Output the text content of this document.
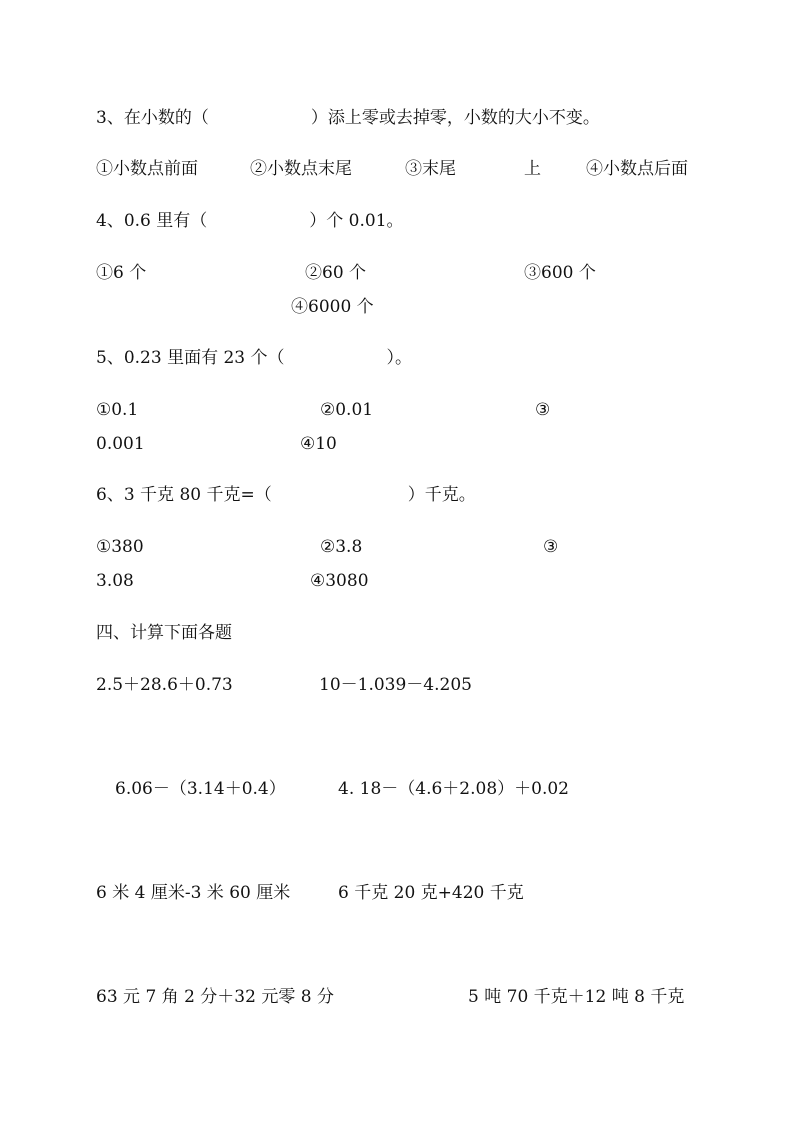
3、在小数的（　　　　　　）添上零或去掉零，小数的大小不变。
①小数点前面	②小数点末尾	③末尾	上	④小数点后面
4、0.6 里有（　　　　　　）个 0.01。
①6 个	②60 个	③600 个
④6000 个
5、0.23 里面有 23 个（　　　　　　）。
①0.1	②0.01	③
0.001	④10
6、3 千克 80 千克=（　　　　　　　　）千克。
①380	②3.8	③
3.08	④3080
四、计算下面各题
2.5＋28.6＋0.73	10－1.039－4.205
6.06－（3.14＋0.4）	4. 18－（4.6＋2.08）＋0.02
6 米 4 厘米-3 米 60 厘米	6 千克 20 克+420 千克
63 元 7 角 2 分＋32 元零 8 分	5 吨 70 千克＋12 吨 8 千克
